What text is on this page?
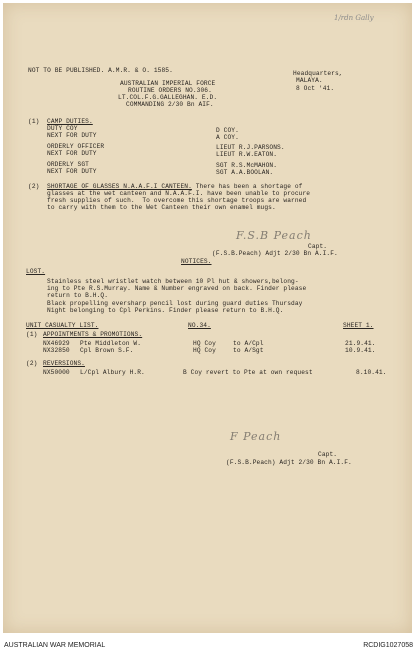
1/rdn Gally
NOT TO BE PUBLISHED. A.M.R. & O. 1585.
AUSTRALIAN IMPERIAL FORCE
ROUTINE ORDERS NO.306.
LT.COL.F.G.GALLEGHAN. E.D.
COMMANDING 2/30 Bn AIF.
Headquarters,
MALAYA.
8 Oct '41.
(1) CAMP DUTIES.
DUTY COY	D COY.
NEXT FOR DUTY	A COY.
ORDERLY OFFICER	LIEUT R.J.PARSONS.
NEXT FOR DUTY	LIEUT R.W.EATON.
ORDERLY SGT	SGT R.S.McMAHON.
NEXT FOR DUTY	SGT A.A.BOOLAN.
(2) SHORTAGE OF GLASSES N.A.A.F.I CANTEEN. There has been a shortage of
glasses at the wet canteen and N.A.A.F.I. have been unable to procure
fresh supplies of such.  To overcome this shortage troops are warned
to carry with them to the Wet Canteen their own enamel mugs.
F.S.B Peach
Capt.
(F.S.B.Peach) Adjt 2/30 Bn A.I.F.
NOTICES.
LOST.
Stainless steel wristlet watch between 10 Pl hut & showers,belong-
ing to Pte R.S.Murray. Name & Number engraved on back. Finder please
return to B.H.Q.
Black propelling eversharp pencil lost during guard duties Thursday
Night belonging to Cpl Perkins. Finder please return to B.H.Q.
UNIT CASUALTY LIST.	NO.34.	SHEET 1.
(1) APPOINTMENTS & PROMOTIONS.
NX46929 Pte Middleton W.	HQ Coy	to A/Cpl	21.9.41.
NX32850 Cpl Brown S.F.	HQ Coy	to A/Sgt	10.9.41.
(2) REVERSIONS.
NX50000 L/Cpl Albury H.R.	B Coy revert to Pte at own request	8.10.41.
F Peach
Capt.
(F.S.B.Peach) Adjt 2/30 Bn A.I.F.
AUSTRALIAN WAR MEMORIAL	RCDIG1027058
